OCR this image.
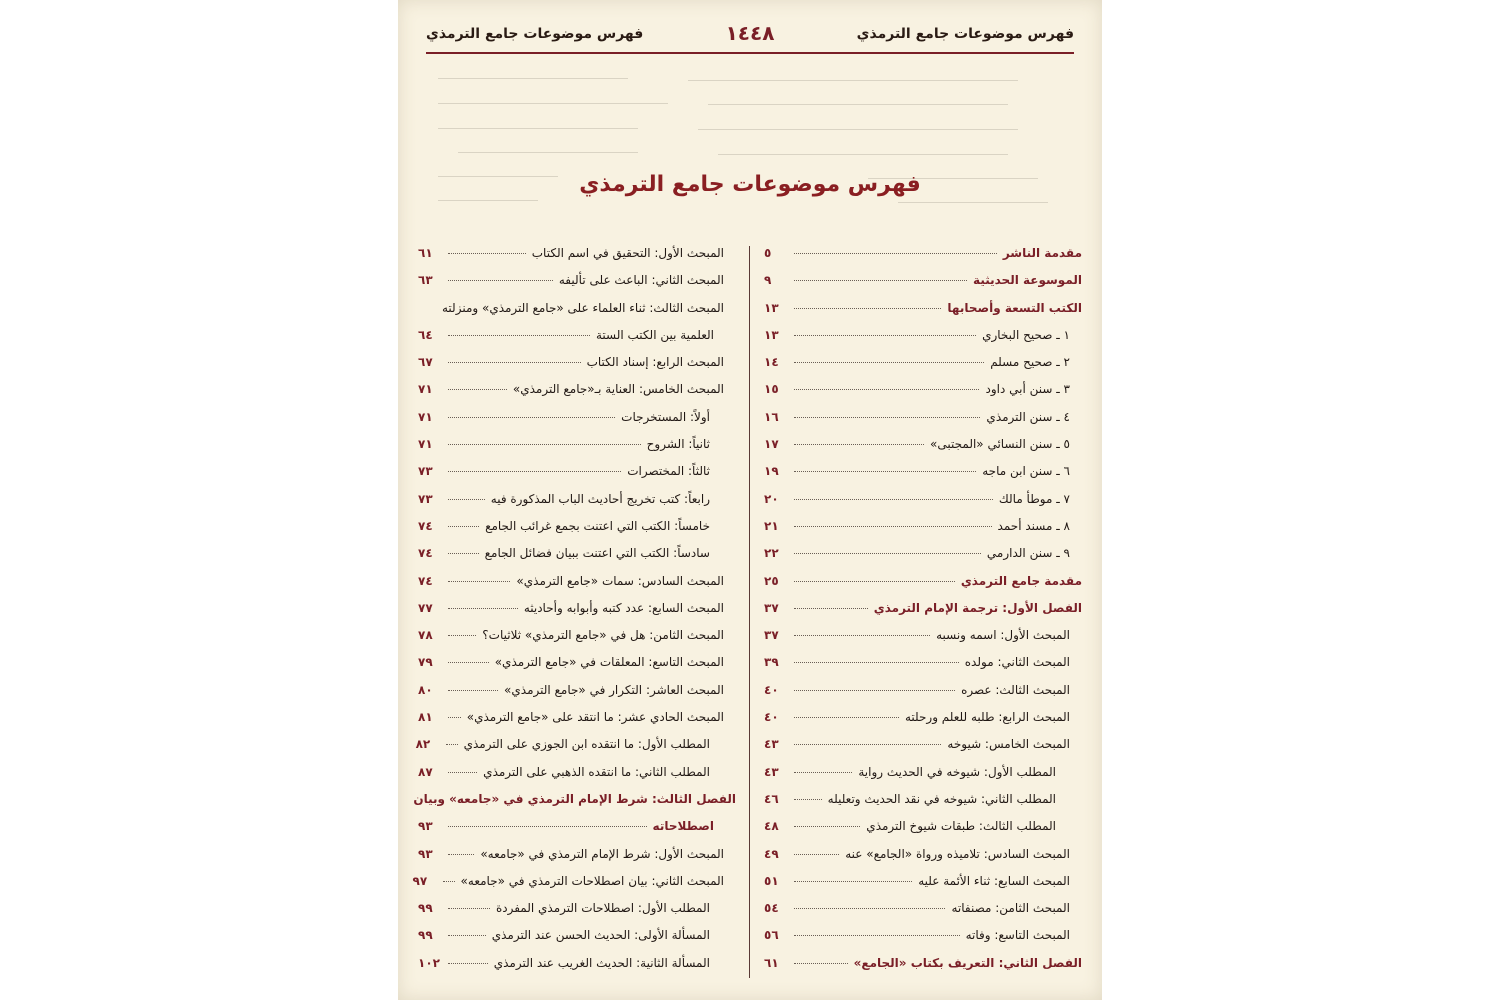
فهرس موضوعات جامع الترمذي
١٤٤٨
فهرس موضوعات جامع الترمذي
فهرس موضوعات جامع الترمذي
مقدمة الناشر
٥
الموسوعة الحديثية
٩
الكتب التسعة وأصحابها
١٣
١ ـ صحيح البخاري
١٣
٢ ـ صحيح مسلم
١٤
٣ ـ سنن أبي داود
١٥
٤ ـ سنن الترمذي
١٦
٥ ـ سنن النسائي «المجتبى»
١٧
٦ ـ سنن ابن ماجه
١٩
٧ ـ موطأ مالك
٢٠
٨ ـ مسند أحمد
٢١
٩ ـ سنن الدارمي
٢٢
مقدمة جامع الترمذي
٢٥
الفصل الأول: ترجمة الإمام الترمذي
٣٧
المبحث الأول: اسمه ونسبه
٣٧
المبحث الثاني: مولده
٣٩
المبحث الثالث: عصره
٤٠
المبحث الرابع: طلبه للعلم ورحلته
٤٠
المبحث الخامس: شيوخه
٤٣
المطلب الأول: شيوخه في الحديث رواية
٤٣
المطلب الثاني: شيوخه في نقد الحديث وتعليله
٤٦
المطلب الثالث: طبقات شيوخ الترمذي
٤٨
المبحث السادس: تلاميذه ورواة «الجامع» عنه
٤٩
المبحث السابع: ثناء الأئمة عليه
٥١
المبحث الثامن: مصنفاته
٥٤
المبحث التاسع: وفاته
٥٦
الفصل الثاني: التعريف بكتاب «الجامع»
٦١
المبحث الأول: التحقيق في اسم الكتاب
٦١
المبحث الثاني: الباعث على تأليفه
٦٣
المبحث الثالث: ثناء العلماء على «جامع الترمذي» ومنزلته
العلمية بين الكتب الستة
٦٤
المبحث الرابع: إسناد الكتاب
٦٧
المبحث الخامس: العناية بـ«جامع الترمذي»
٧١
أولاً: المستخرجات
٧١
ثانياً: الشروح
٧١
ثالثاً: المختصرات
٧٣
رابعاً: كتب تخريج أحاديث الباب المذكورة فيه
٧٣
خامساً: الكتب التي اعتنت بجمع غرائب الجامع
٧٤
سادساً: الكتب التي اعتنت ببيان فضائل الجامع
٧٤
المبحث السادس: سمات «جامع الترمذي»
٧٤
المبحث السابع: عدد كتبه وأبوابه وأحاديثه
٧٧
المبحث الثامن: هل في «جامع الترمذي» ثلاثيات؟
٧٨
المبحث التاسع: المعلقات في «جامع الترمذي»
٧٩
المبحث العاشر: التكرار في «جامع الترمذي»
٨٠
المبحث الحادي عشر: ما انتقد على «جامع الترمذي»
٨١
المطلب الأول: ما انتقده ابن الجوزي على الترمذي
٨٢
المطلب الثاني: ما انتقده الذهبي على الترمذي
٨٧
الفصل الثالث: شرط الإمام الترمذي في «جامعه» وبيان
اصطلاحاته
٩٣
المبحث الأول: شرط الإمام الترمذي في «جامعه»
٩٣
المبحث الثاني: بيان اصطلاحات الترمذي في «جامعه»
٩٧
المطلب الأول: اصطلاحات الترمذي المفردة
٩٩
المسألة الأولى: الحديث الحسن عند الترمذي
٩٩
المسألة الثانية: الحديث الغريب عند الترمذي
١٠٢
